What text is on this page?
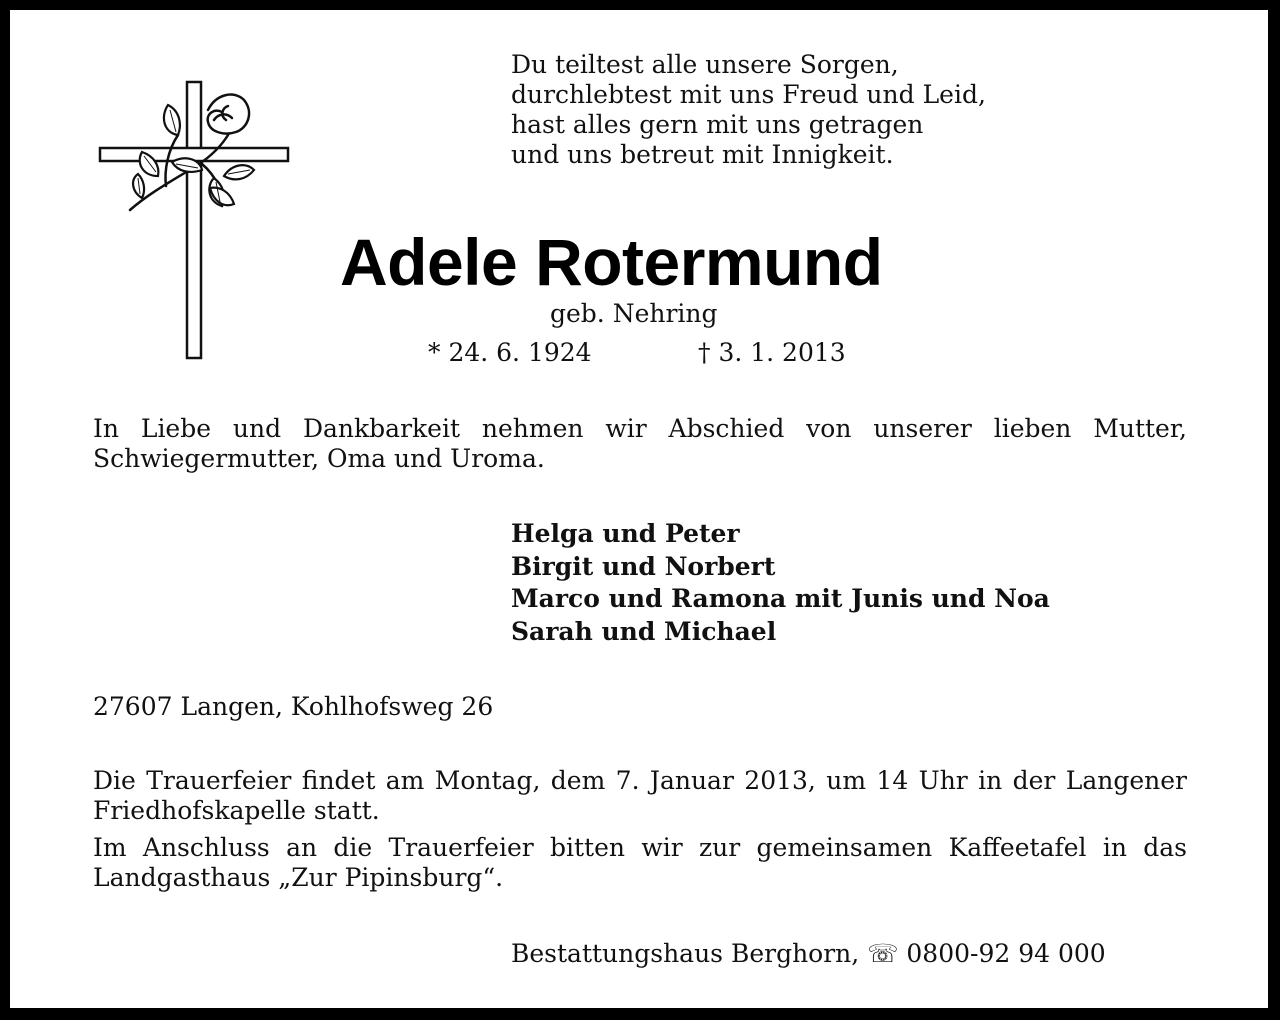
Du teiltest alle unsere Sorgen,
durchlebtest mit uns Freud und Leid,
hast alles gern mit uns getragen
und uns betreut mit Innigkeit.
Adele Rotermund
geb. Nehring
* 24. 6. 1924	† 3. 1. 2013
In Liebe und Dankbarkeit nehmen wir Abschied von unserer lieben Mutter, Schwiegermutter, Oma und Uroma.
Helga und Peter
Birgit und Norbert
Marco und Ramona mit Junis und Noa
Sarah und Michael
27607 Langen, Kohlhofsweg 26
Die Trauerfeier findet am Montag, dem 7. Januar 2013, um 14 Uhr in der Langener Friedhofskapelle statt.
Im Anschluss an die Trauerfeier bitten wir zur gemeinsamen Kaffeetafel in das Landgasthaus „Zur Pipinsburg“.
Bestattungshaus Berghorn, ☏ 0800-92 94 000
